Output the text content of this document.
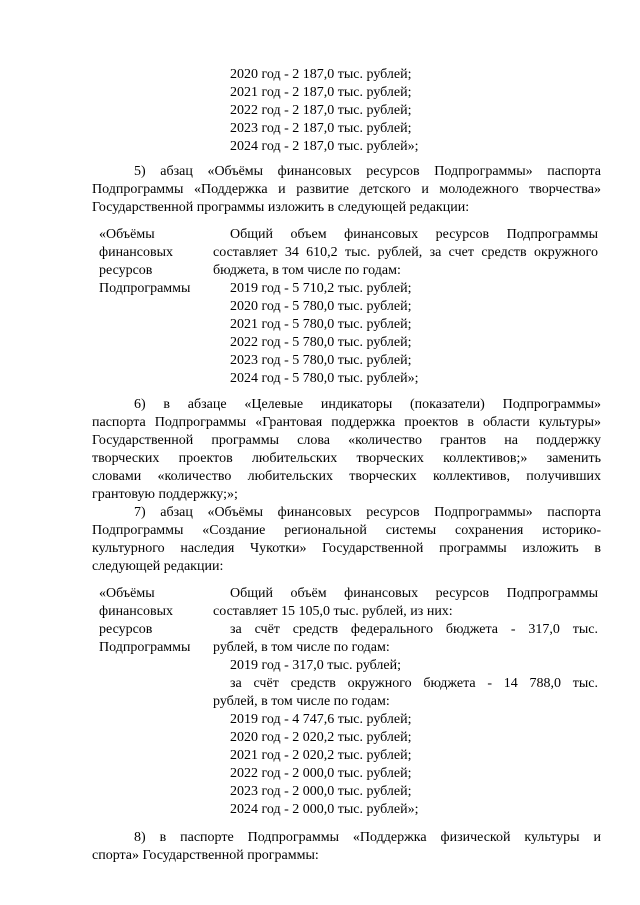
2020 год - 2 187,0 тыс. рублей;
2021 год - 2 187,0 тыс. рублей;
2022 год - 2 187,0 тыс. рублей;
2023 год - 2 187,0 тыс. рублей;
2024 год - 2 187,0 тыс. рублей»;
5) абзац «Объёмы финансовых ресурсов Подпрограммы» паспорта
Подпрограммы «Поддержка и развитие детского и молодежного творчества»
Государственной программы изложить в следующей редакции:
«Объёмы
финансовых
ресурсов
Подпрограммы
Общий объем финансовых ресурсов Подпрограммы
составляет 34 610,2 тыс. рублей, за счет средств окружного
бюджета, в том числе по годам:
2019 год - 5 710,2 тыс. рублей;
2020 год - 5 780,0 тыс. рублей;
2021 год - 5 780,0 тыс. рублей;
2022 год - 5 780,0 тыс. рублей;
2023 год - 5 780,0 тыс. рублей;
2024 год - 5 780,0 тыс. рублей»;
6) в абзаце «Целевые индикаторы (показатели) Подпрограммы»
паспорта Подпрограммы «Грантовая поддержка проектов в области культуры»
Государственной программы слова «количество грантов на поддержку
творческих проектов любительских творческих коллективов;» заменить
словами «количество любительских творческих коллективов, получивших
грантовую поддержку;»;
7) абзац «Объёмы финансовых ресурсов Подпрограммы» паспорта
Подпрограммы «Создание региональной системы сохранения историко-
культурного наследия Чукотки» Государственной программы изложить в
следующей редакции:
«Объёмы
финансовых
ресурсов
Подпрограммы
Общий объём финансовых ресурсов Подпрограммы
составляет 15 105,0 тыс. рублей, из них:
за счёт средств федерального бюджета - 317,0 тыс.
рублей, в том числе по годам:
2019 год - 317,0 тыс. рублей;
за счёт средств окружного бюджета - 14 788,0 тыс.
рублей, в том числе по годам:
2019 год - 4 747,6 тыс. рублей;
2020 год - 2 020,2 тыс. рублей;
2021 год - 2 020,2 тыс. рублей;
2022 год - 2 000,0 тыс. рублей;
2023 год - 2 000,0 тыс. рублей;
2024 год - 2 000,0 тыс. рублей»;
8) в паспорте Подпрограммы «Поддержка физической культуры и
спорта» Государственной программы:
